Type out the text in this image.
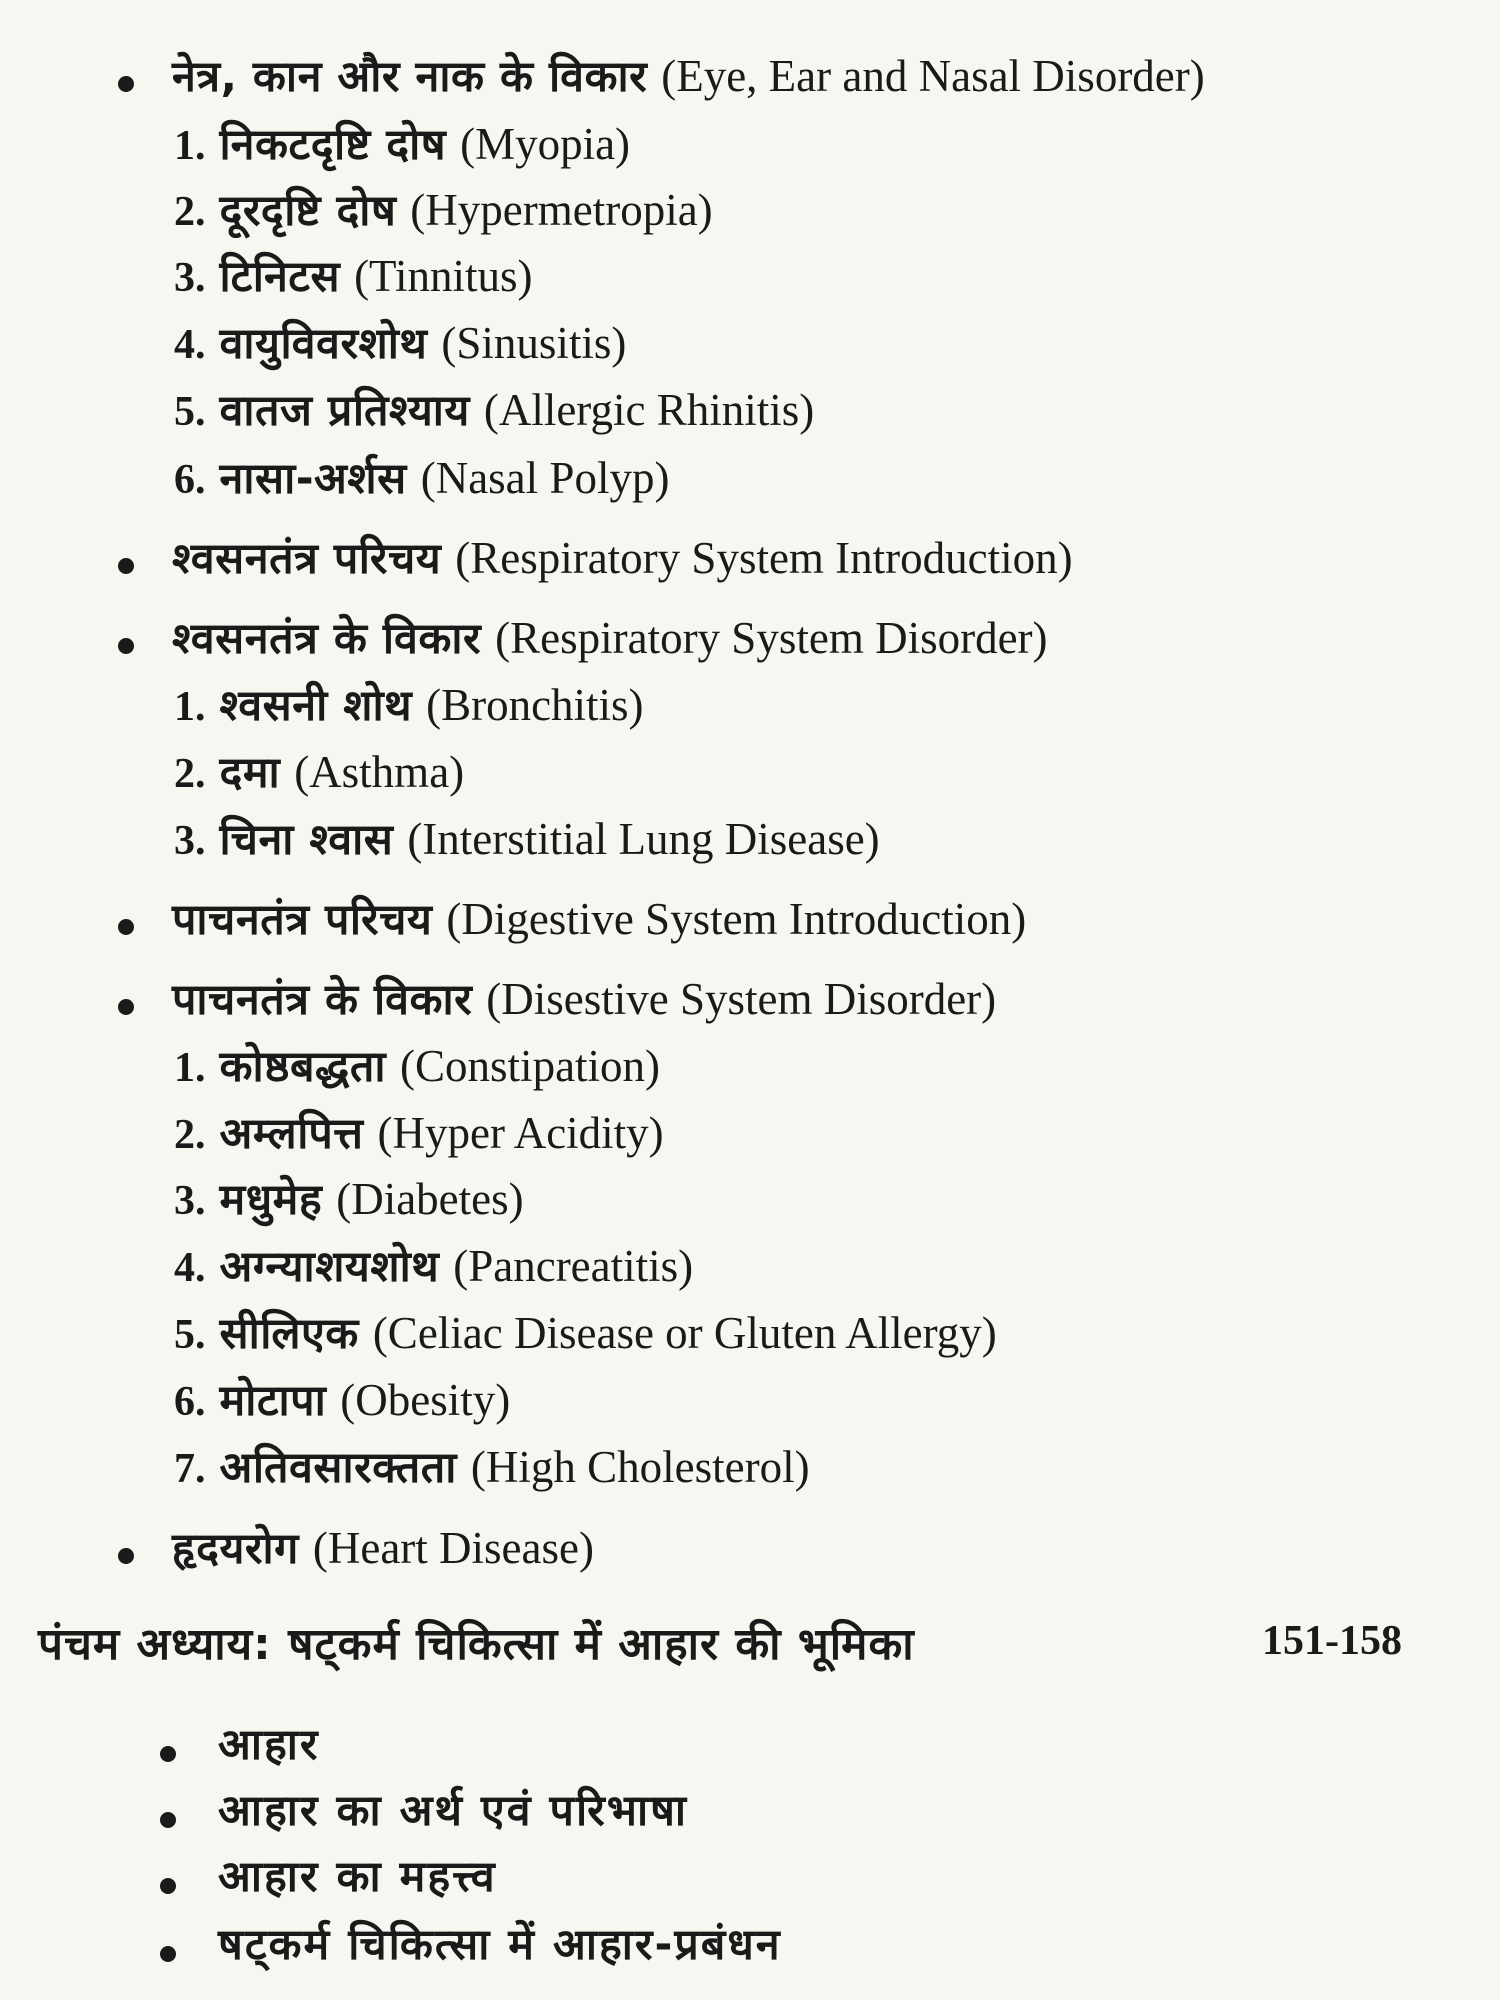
नेत्र, कान और नाक के विकार (Eye, Ear and Nasal Disorder)
1. निकटदृष्टि दोष (Myopia)
2. दूरदृष्टि दोष (Hypermetropia)
3. टिनिटस (Tinnitus)
4. वायुविवरशोथ (Sinusitis)
5. वातज प्रतिश्याय (Allergic Rhinitis)
6. नासा-अर्शस (Nasal Polyp)
श्वसनतंत्र परिचय (Respiratory System Introduction)
श्वसनतंत्र के विकार (Respiratory System Disorder)
1. श्वसनी शोथ (Bronchitis)
2. दमा (Asthma)
3. चिना श्वास (Interstitial Lung Disease)
पाचनतंत्र परिचय (Digestive System Introduction)
पाचनतंत्र के विकार (Disestive System Disorder)
1. कोष्ठबद्धता (Constipation)
2. अम्लपित्त (Hyper Acidity)
3. मधुमेह (Diabetes)
4. अग्न्याशयशोथ (Pancreatitis)
5. सीलिएक (Celiac Disease or Gluten Allergy)
6. मोटापा (Obesity)
7. अतिवसारक्तता (High Cholesterol)
हृदयरोग (Heart Disease)
पंचम अध्याय: षट्कर्म चिकित्सा में आहार की भूमिका	151-158
आहार
आहार का अर्थ एवं परिभाषा
आहार का महत्त्व
षट्कर्म चिकित्सा में आहार-प्रबंधन
